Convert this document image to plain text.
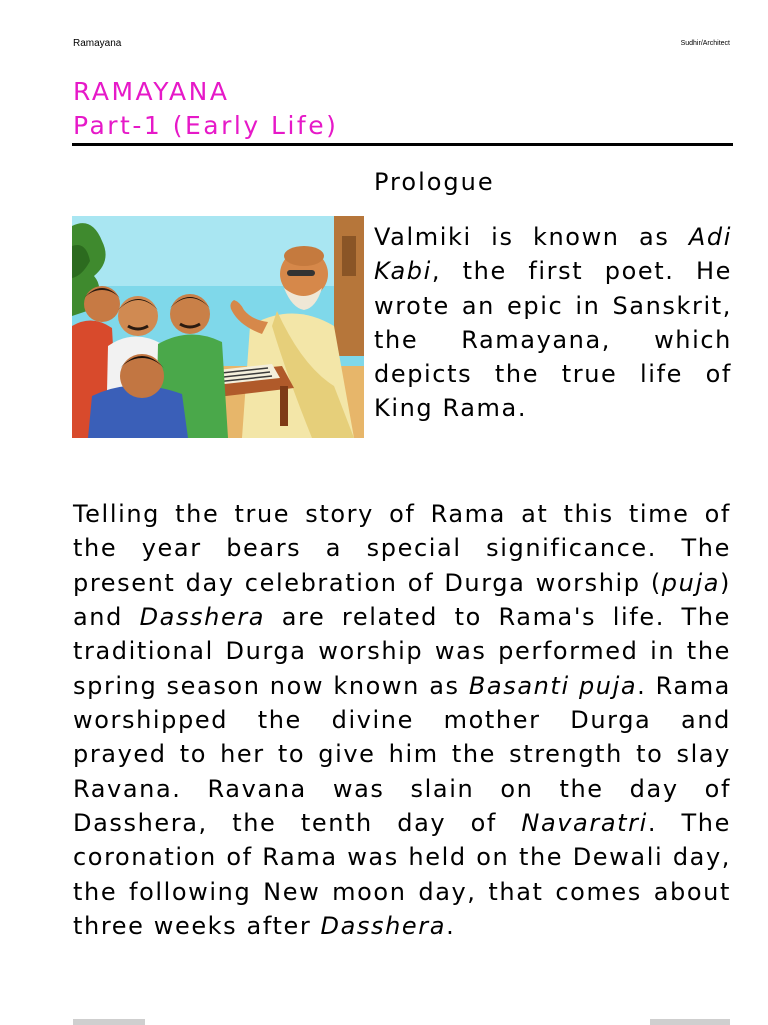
Ramayana	Sudhir/Architect
RAMAYANA
Part-1 (Early Life)
Prologue

Valmiki is known as Adi Kabi, the first poet. He wrote an epic in Sanskrit, the Ramayana, which depicts the true life of King Rama.

Telling the true story of Rama at this time of the year bears a special significance. The present day celebration of Durga worship (puja) and Dasshera are related to Rama's life. The traditional Durga worship was performed in the spring season now known as Basanti puja. Rama worshipped the divine mother Durga and prayed to her to give him the strength to slay Ravana. Ravana was slain on the day of Dasshera, the tenth day of Navaratri. The coronation of Rama was held on the Dewali day, the following New moon day, that comes about three weeks after Dasshera.
